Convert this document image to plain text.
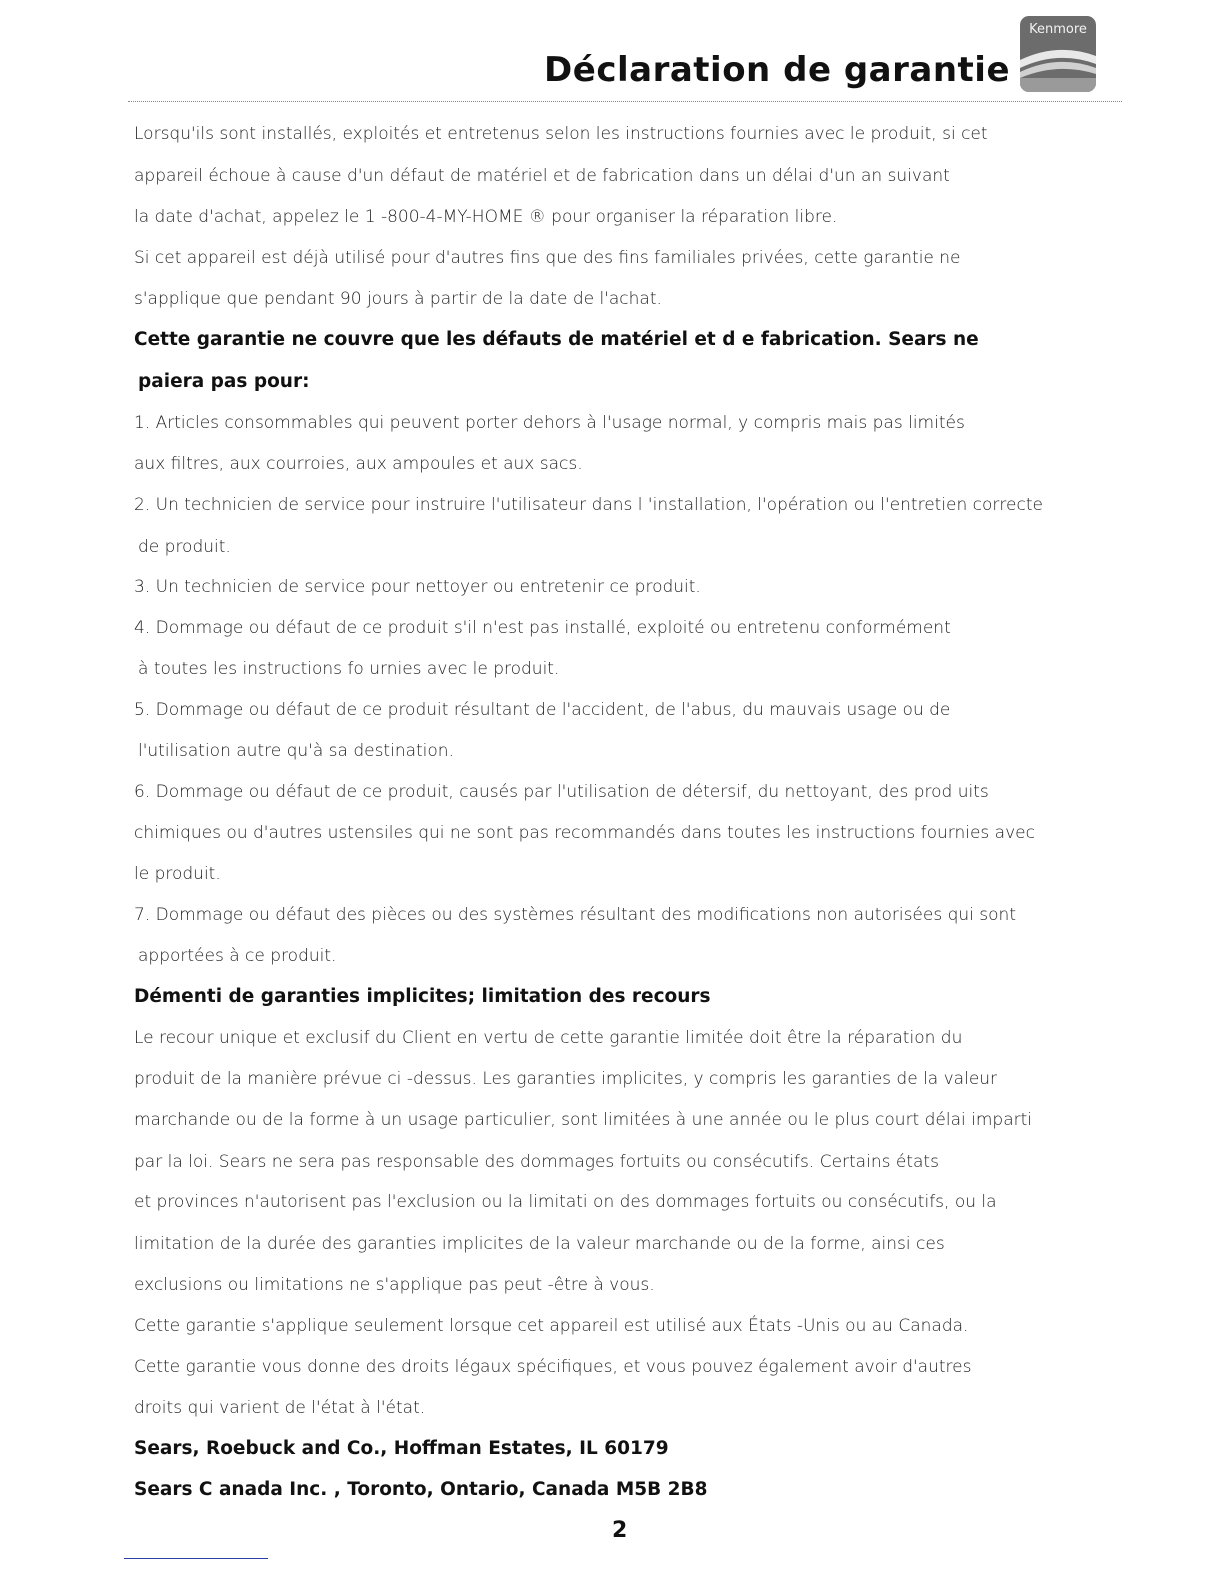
Déclaration de garantie
Kenmore
Lorsqu'ils sont installés, exploités et entretenus selon les instructions fournies avec le produit, si cet
appareil échoue à cause d'un défaut de matériel et de fabrication dans un délai d'un an suivant
la date d'achat, appelez le 1 -800-4-MY-HOME ® pour organiser la réparation libre.
Si cet appareil est déjà utilisé pour d'autres fins que des fins familiales privées, cette garantie ne
s'applique que pendant 90 jours à partir de la date de l'achat.
Cette garantie ne couvre que les défauts de matériel et d e fabrication. Sears ne
paiera pas pour:
1. Articles consommables qui peuvent porter dehors à l'usage normal, y compris mais pas limités
aux filtres, aux courroies, aux ampoules et aux sacs.
2. Un technicien de service pour instruire l'utilisateur dans l 'installation, l'opération ou l'entretien correcte
de produit.
3. Un technicien de service pour nettoyer ou entretenir ce produit.
4. Dommage ou défaut de ce produit s'il n'est pas installé, exploité ou entretenu conformément
à toutes les instructions fo urnies avec le produit.
5. Dommage ou défaut de ce produit résultant de l'accident, de l'abus, du mauvais usage ou de
l'utilisation autre qu'à sa destination.
6. Dommage ou défaut de ce produit, causés par l'utilisation de détersif, du nettoyant, des prod uits
chimiques ou d'autres ustensiles qui ne sont pas recommandés dans toutes les instructions fournies avec
le produit.
7. Dommage ou défaut des pièces ou des systèmes résultant des modifications non autorisées qui sont
apportées à ce produit.
Démenti de garanties implicites; limitation des recours
Le recour unique et exclusif du Client en vertu de cette garantie limitée doit être la réparation du
produit de la manière prévue ci -dessus. Les garanties implicites, y compris les garanties de la valeur
marchande ou de la forme à un usage particulier, sont limitées à une année ou le plus court délai imparti
par la loi. Sears ne sera pas responsable des dommages fortuits ou consécutifs. Certains états
et provinces n'autorisent pas l'exclusion ou la limitati on des dommages fortuits ou consécutifs, ou la
limitation de la durée des garanties implicites de la valeur marchande ou de la forme, ainsi ces
exclusions ou limitations ne s'applique pas peut -être à vous.
Cette garantie s'applique seulement lorsque cet appareil est utilisé aux États -Unis ou au Canada.
Cette garantie vous donne des droits légaux spécifiques, et vous pouvez également avoir d'autres
droits qui varient de l'état à l'état.
Sears, Roebuck and Co., Hoffman Estates, IL 60179
Sears C anada Inc. , Toronto, Ontario, Canada M5B 2B8
2
